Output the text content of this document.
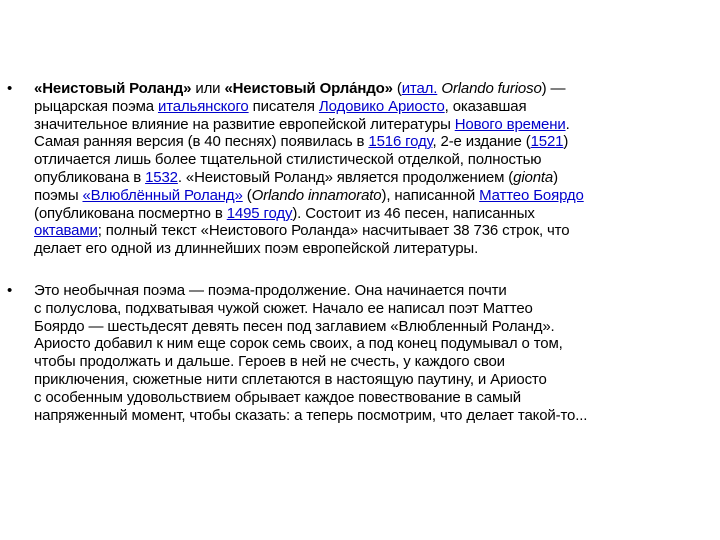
• «Неистовый Роланд» или «Неистовый Орла́ндо» (итал. Orlando furioso) —
рыцарская поэма итальянского писателя Лодовико Ариосто, оказавшая
значительное влияние на развитие европейской литературы Нового времени.
Самая ранняя версия (в 40 песнях) появилась в 1516 году, 2-е издание (1521)
отличается лишь более тщательной стилистической отделкой, полностью
опубликована в 1532. «Неистовый Роланд» является продолжением (gionta)
поэмы «Влюблённый Роланд» (Orlando innamorato), написанной Маттео Боярдо
(опубликована посмертно в 1495 году). Состоит из 46 песен, написанных
октавами; полный текст «Неистового Роланда» насчитывает 38 736 строк, что
делает его одной из длиннейших поэм европейской литературы.
• Это необычная поэма — поэма-продолжение. Она начинается почти
с полуслова, подхватывая чужой сюжет. Начало ее написал поэт Маттео
Боярдо — шестьдесят девять песен под заглавием «Влюбленный Роланд».
Ариосто добавил к ним еще сорок семь своих, а под конец подумывал о том,
чтобы продолжать и дальше. Героев в ней не счесть, у каждого свои
приключения, сюжетные нити сплетаются в настоящую паутину, и Ариосто
с особенным удовольствием обрывает каждое повествование в самый
напряженный момент, чтобы сказать: а теперь посмотрим, что делает такой-то...
